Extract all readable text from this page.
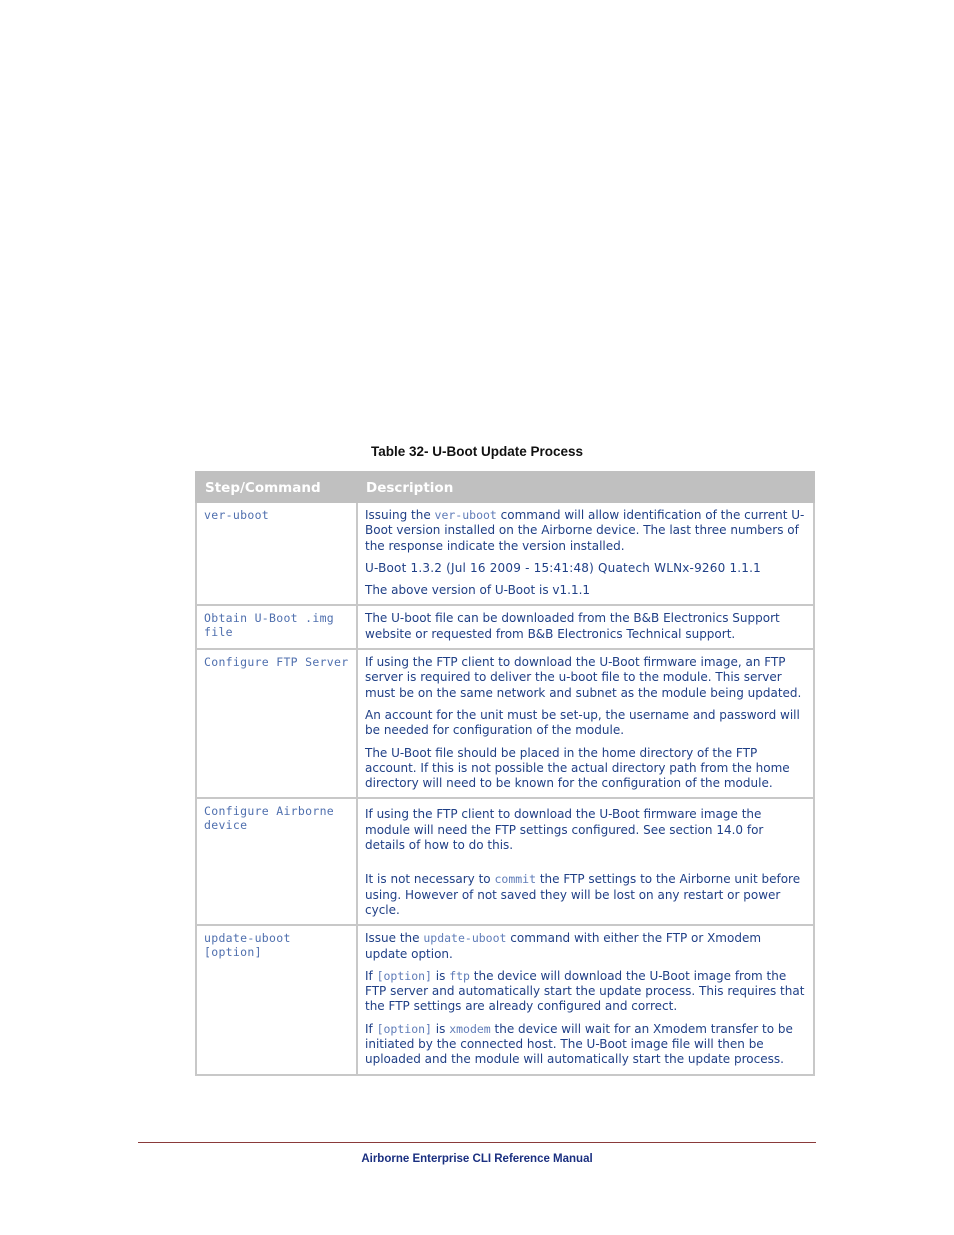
Table 32- U-Boot Update Process
Step/Command	Description
ver-uboot	Issuing the ver-uboot command will allow identification of the current U-Boot version installed on the Airborne device. The last three numbers of the response indicate the version installed.

U-Boot 1.3.2 (Jul 16 2009 - 15:41:48) Quatech WLNx-9260 1.1.1

The above version of U-Boot is v1.1.1

Obtain U-Boot .img file	The U-boot file can be downloaded from the B&B Electronics Support website or requested from B&B Electronics Technical support.

Configure FTP Server	If using the FTP client to download the U-Boot firmware image, an FTP server is required to deliver the u-boot file to the module. This server must be on the same network and subnet as the module being updated.

An account for the unit must be set-up, the username and password will be needed for configuration of the module.

The U-Boot file should be placed in the home directory of the FTP account. If this is not possible the actual directory path from the home directory will need to be known for the configuration of the module.

Configure Airborne device	If using the FTP client to download the U-Boot firmware image the module will need the FTP settings configured. See section 14.0 for details of how to do this.

It is not necessary to commit the FTP settings to the Airborne unit before using. However of not saved they will be lost on any restart or power cycle.

update-uboot [option]	Issue the update-uboot command with either the FTP or Xmodem update option.

If [option] is ftp the device will download the U-Boot image from the FTP server and automatically start the update process. This requires that the FTP settings are already configured and correct.

If [option] is xmodem the device will wait for an Xmodem transfer to be initiated by the connected host. The U-Boot image file will then be uploaded and the module will automatically start the update process.

Airborne Enterprise CLI Reference Manual
